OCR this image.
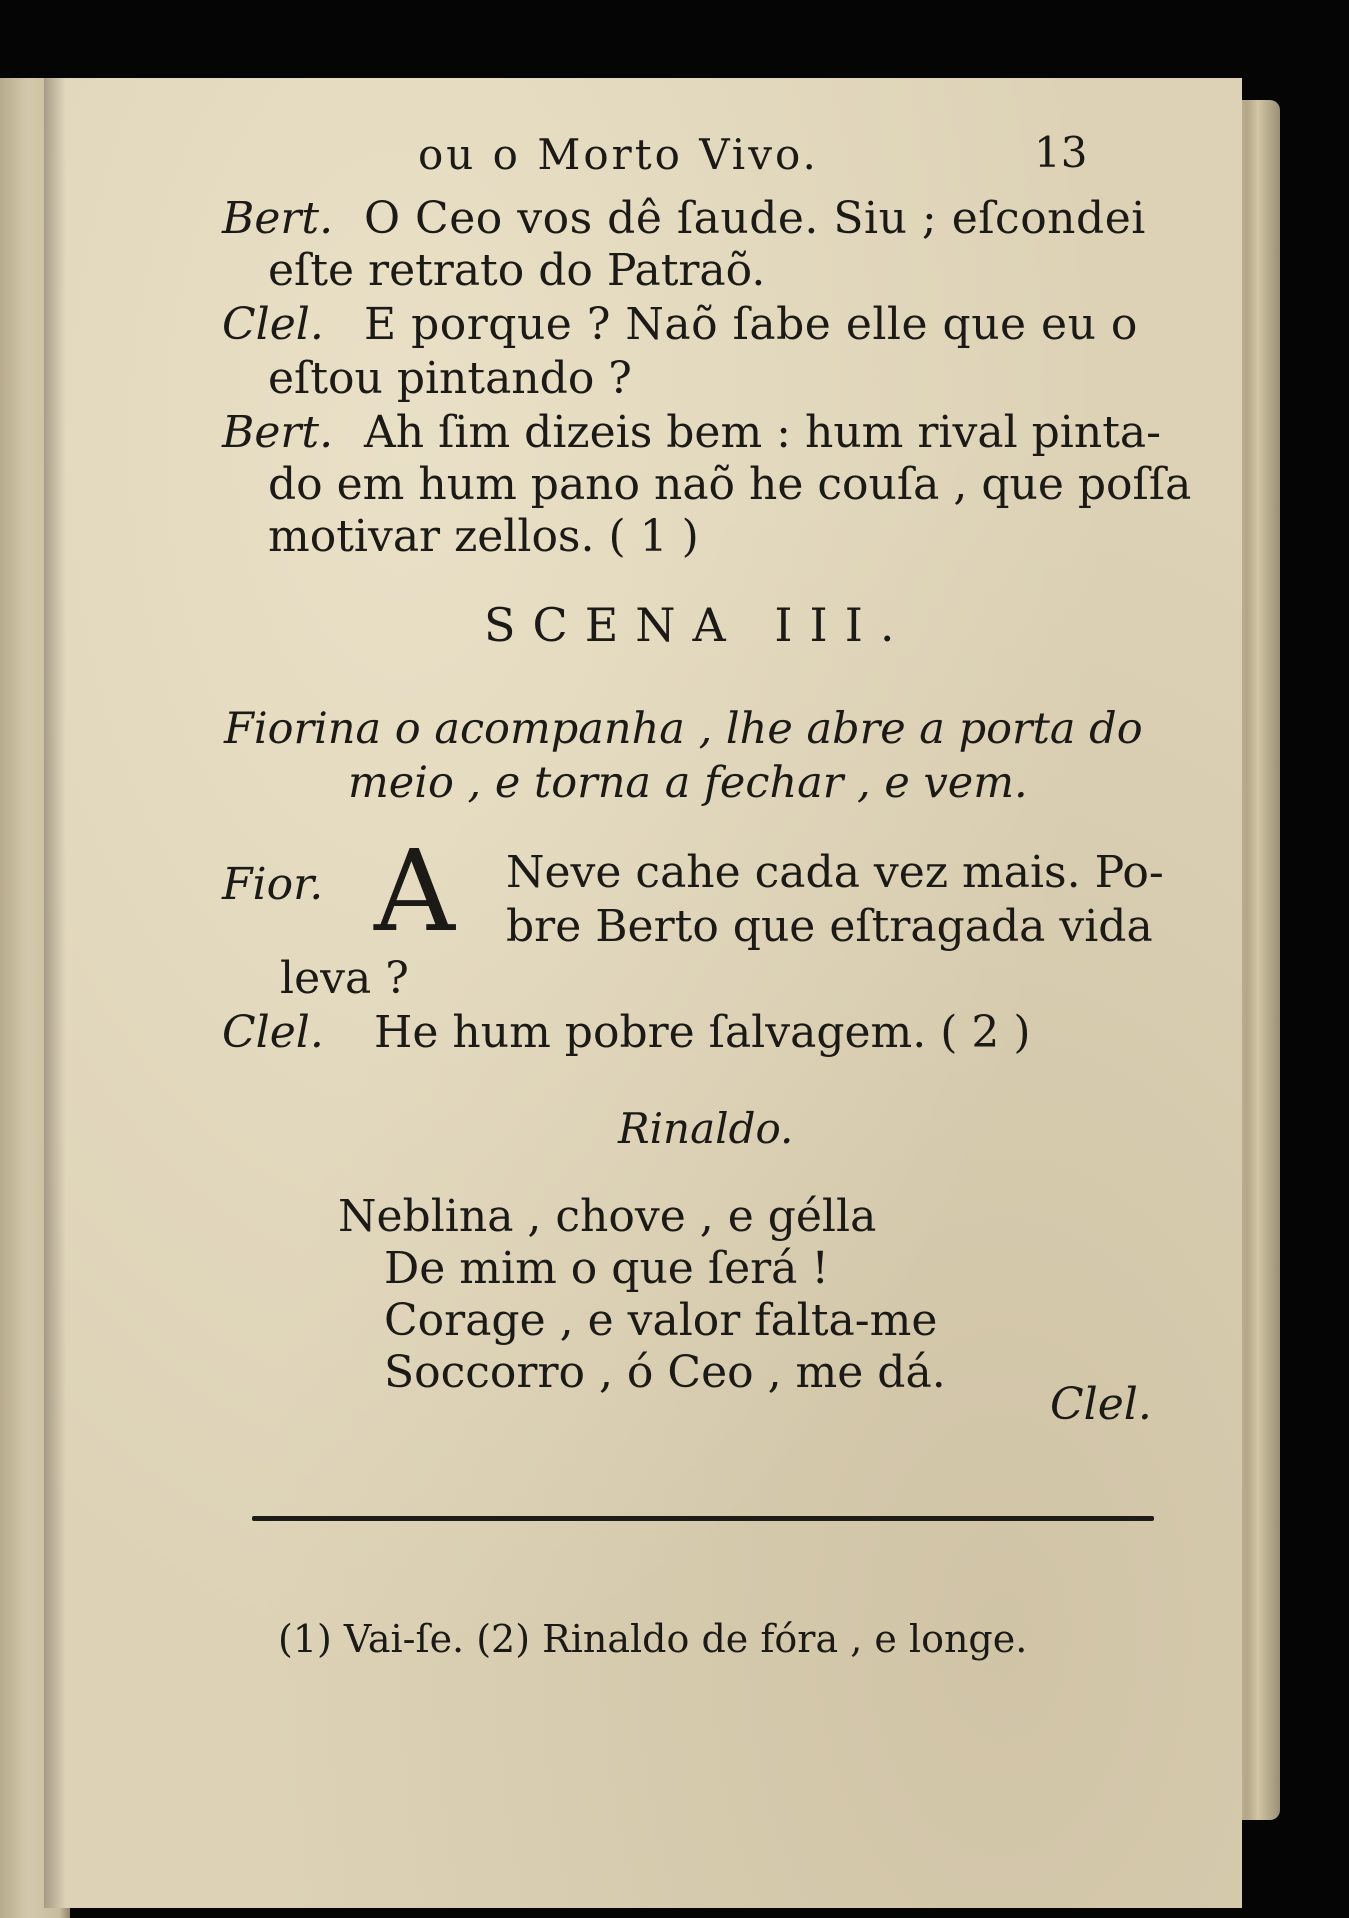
ou o Morto Vivo.	13
Bert. O Ceo vos dê ſaude. Siu ; eſcondei
eſte retrato do Patraõ.
Clel. E porque ? Naõ ſabe elle que eu o
eſtou pintando ?
Bert. Ah ſim dizeis bem : hum rival pinta-
do em hum pano naõ he couſa , que poſſa
motivar zellos. ( 1 )
SCENA III.
Fiorina o acompanha , lhe abre a porta do
meio , e torna a fechar , e vem.
Fior. A Neve cahe cada vez mais. Po-
bre Berto que eſtragada vida
leva ?
Clel. He hum pobre ſalvagem. ( 2 )
Rinaldo.
Neblina , chove , e gélla
De mim o que ſerá !
Corage , e valor falta-me
Soccorro , ó Ceo , me dá.
Clel.
(1) Vai-ſe. (2) Rinaldo de fóra , e longe.
